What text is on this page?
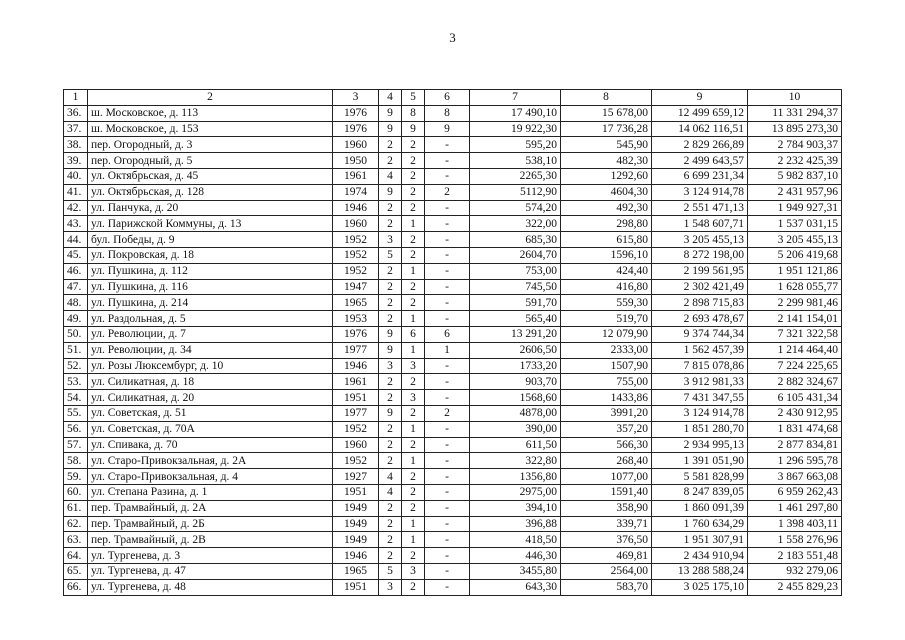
3
1	2	3	4	5	6	7	8	9	10
36.	ш. Московское, д. 113	1976	9	8	8	17 490,10	15 678,00	12 499 659,12	11 331 294,37
37.	ш. Московское, д. 153	1976	9	9	9	19 922,30	17 736,28	14 062 116,51	13 895 273,30
38.	пер. Огородный, д. 3	1960	2	2	-	595,20	545,90	2 829 266,89	2 784 903,37
39.	пер. Огородный, д. 5	1950	2	2	-	538,10	482,30	2 499 643,57	2 232 425,39
40.	ул. Октябрьская, д. 45	1961	4	2	-	2265,30	1292,60	6 699 231,34	5 982 837,10
41.	ул. Октябрьская, д. 128	1974	9	2	2	5112,90	4604,30	3 124 914,78	2 431 957,96
42.	ул. Панчука, д. 20	1946	2	2	-	574,20	492,30	2 551 471,13	1 949 927,31
43.	ул. Парижской Коммуны, д. 13	1960	2	1	-	322,00	298,80	1 548 607,71	1 537 031,15
44.	бул. Победы, д. 9	1952	3	2	-	685,30	615,80	3 205 455,13	3 205 455,13
45.	ул. Покровская, д. 18	1952	5	2	-	2604,70	1596,10	8 272 198,00	5 206 419,68
46.	ул. Пушкина, д. 112	1952	2	1	-	753,00	424,40	2 199 561,95	1 951 121,86
47.	ул. Пушкина, д. 116	1947	2	2	-	745,50	416,80	2 302 421,49	1 628 055,77
48.	ул. Пушкина, д. 214	1965	2	2	-	591,70	559,30	2 898 715,83	2 299 981,46
49.	ул. Раздольная, д. 5	1953	2	1	-	565,40	519,70	2 693 478,67	2 141 154,01
50.	ул. Революции, д. 7	1976	9	6	6	13 291,20	12 079,90	9 374 744,34	7 321 322,58
51.	ул. Революции, д. 34	1977	9	1	1	2606,50	2333,00	1 562 457,39	1 214 464,40
52.	ул. Розы Люксембург, д. 10	1946	3	3	-	1733,20	1507,90	7 815 078,86	7 224 225,65
53.	ул. Силикатная, д. 18	1961	2	2	-	903,70	755,00	3 912 981,33	2 882 324,67
54.	ул. Силикатная, д. 20	1951	2	3	-	1568,60	1433,86	7 431 347,55	6 105 431,34
55.	ул. Советская, д. 51	1977	9	2	2	4878,00	3991,20	3 124 914,78	2 430 912,95
56.	ул. Советская, д. 70А	1952	2	1	-	390,00	357,20	1 851 280,70	1 831 474,68
57.	ул. Спивака, д. 70	1960	2	2	-	611,50	566,30	2 934 995,13	2 877 834,81
58.	ул. Старо-Привокзальная, д. 2А	1952	2	1	-	322,80	268,40	1 391 051,90	1 296 595,78
59.	ул. Старо-Привокзальная, д. 4	1927	4	2	-	1356,80	1077,00	5 581 828,99	3 867 663,08
60.	ул. Степана Разина, д. 1	1951	4	2	-	2975,00	1591,40	8 247 839,05	6 959 262,43
61.	пер. Трамвайный, д. 2А	1949	2	2	-	394,10	358,90	1 860 091,39	1 461 297,80
62.	пер. Трамвайный, д. 2Б	1949	2	1	-	396,88	339,71	1 760 634,29	1 398 403,11
63.	пер. Трамвайный, д. 2В	1949	2	1	-	418,50	376,50	1 951 307,91	1 558 276,96
64.	ул. Тургенева, д. 3	1946	2	2	-	446,30	469,81	2 434 910,94	2 183 551,48
65.	ул. Тургенева, д. 47	1965	5	3	-	3455,80	2564,00	13 288 588,24	932 279,06
66.	ул. Тургенева, д. 48	1951	3	2	-	643,30	583,70	3 025 175,10	2 455 829,23
